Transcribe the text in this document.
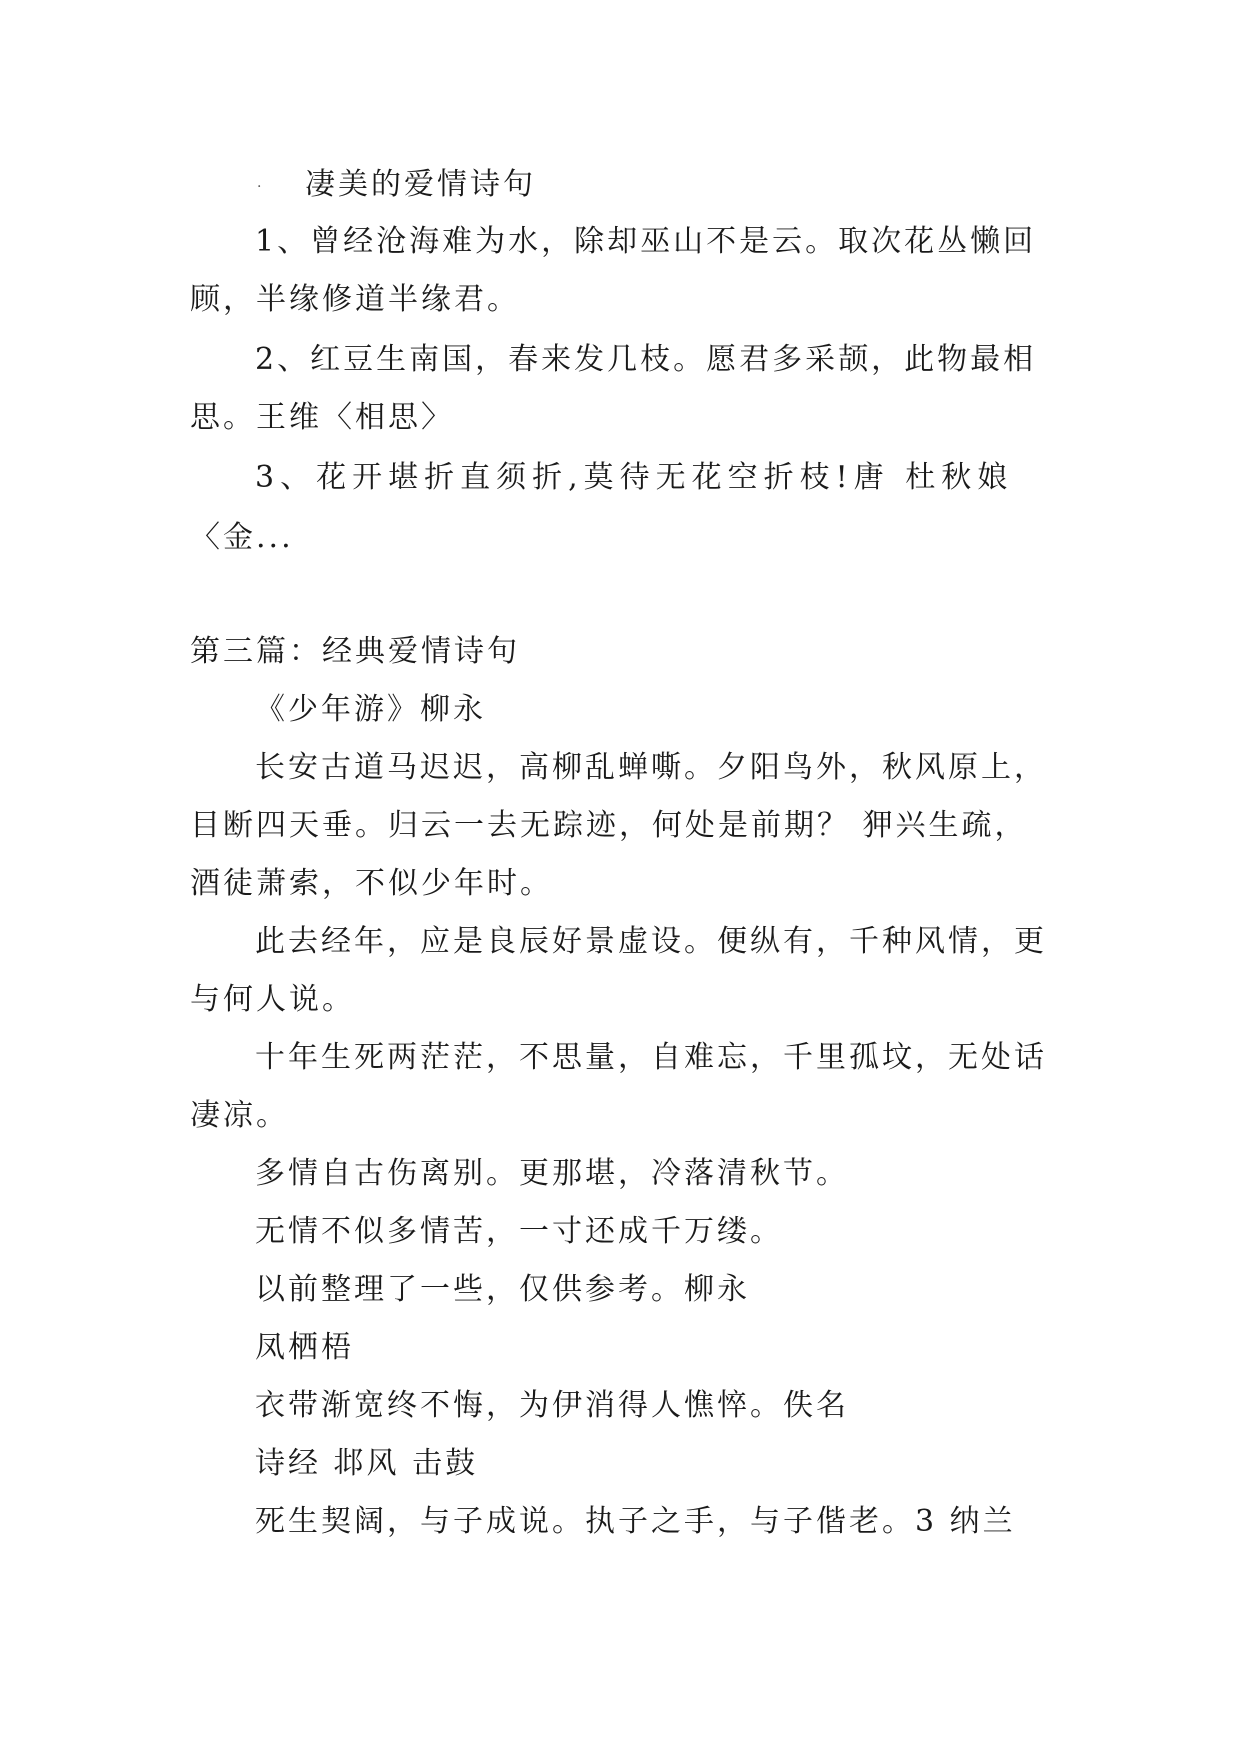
· 凄美的爱情诗句
1、曾经沧海难为水，除却巫山不是云。取次花丛懒回
顾，半缘修道半缘君。
2、红豆生南国，春来发几枝。愿君多采颉，此物最相
思。王维〈相思〉
3、花开堪折直须折,莫待无花空折枝!唐 杜秋娘
〈金...
第三篇：经典爱情诗句
《少年游》柳永
长安古道马迟迟，高柳乱蝉嘶。夕阳鸟外，秋风原上，
目断四天垂。归云一去无踪迹，何处是前期？ 狎兴生疏，
酒徒萧索，不似少年时。
此去经年，应是良辰好景虚设。便纵有，千种风情，更
与何人说。
十年生死两茫茫，不思量，自难忘，千里孤坟，无处话
凄凉。
多情自古伤离别。更那堪，冷落清秋节。
无情不似多情苦，一寸还成千万缕。
以前整理了一些，仅供参考。柳永
凤栖梧
衣带渐宽终不悔，为伊消得人憔悴。佚名
诗经 邶风 击鼓
死生契阔，与子成说。执子之手，与子偕老。3 纳兰
